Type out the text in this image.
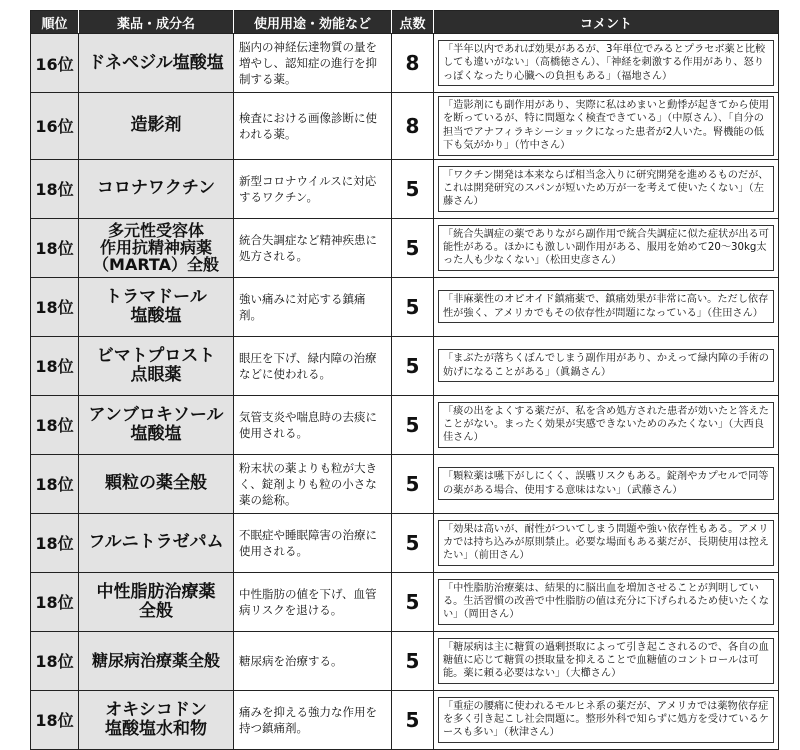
順位	薬品・成分名	使用用途・効能など	点数	コメント
16位	ドネペジル塩酸塩	脳内の神経伝達物質の量を増やし、認知症の進行を抑制する薬。	8	「半年以内であれば効果があるが、3年単位でみるとプラセボ薬と比較しても違いがない」（高橋徳さん）、「神経を刺激する作用があり、怒りっぽくなったり心臓への負担もある」（福地さん）

16位	造影剤	検査における画像診断に使われる薬。	8	「造影剤にも副作用があり、実際に私はめまいと動悸が起きてから使用を断っているが、特に問題なく検査できている」（中原さん）、「自分の担当でアナフィラキシーショックになった患者が2人いた。腎機能の低下も気がかり」（竹中さん）

18位	コロナワクチン	新型コロナウイルスに対応するワクチン。	5	「ワクチン開発は本来ならば相当念入りに研究開発を進めるものだが、これは開発研究のスパンが短いため万が一を考えて使いたくない」（左藤さん）

18位	多元性受容体
作用抗精神病薬
（MARTA）全般	統合失調症など精神疾患に処方される。	5	「統合失調症の薬でありながら副作用で統合失調症に似た症状が出る可能性がある。ほかにも激しい副作用がある、服用を始めて20～30kg太った人も少なくない」（松田史彦さん）

18位	トラマドール
塩酸塩	強い痛みに対応する鎮痛剤。	5	「非麻薬性のオピオイド鎮痛薬で、鎮痛効果が非常に高い。ただし依存性が強く、アメリカでもその依存性が問題になっている」（住田さん）

18位	ビマトプロスト
点眼薬	眼圧を下げ、緑内障の治療などに使われる。	5	「まぶたが落ちくぼんでしまう副作用があり、かえって緑内障の手術の妨げになることがある」（眞鍋さん）

18位	アンブロキソール
塩酸塩	気管支炎や喘息時の去痰に使用される。	5	「痰の出をよくする薬だが、私を含め処方された患者が効いたと答えたことがない。まったく効果が実感できないためのみたくない」（大西良佳さん）

18位	顆粒の薬全般	粉末状の薬よりも粒が大きく、錠剤よりも粒の小さな薬の総称。	5	「顆粒薬は嚥下がしにくく、誤嚥リスクもある。錠剤やカプセルで同等の薬がある場合、使用する意味はない」（武藤さん）

18位	フルニトラゼパム	不眠症や睡眠障害の治療に使用される。	5	「効果は高いが、耐性がついてしまう問題や強い依存性もある。アメリカでは持ち込みが原則禁止。必要な場面もある薬だが、長期使用は控えたい」（前田さん）

18位	中性脂肪治療薬
全般	中性脂肪の値を下げ、血管病リスクを退ける。	5	「中性脂肪治療薬は、結果的に脳出血を増加させることが判明している。生活習慣の改善で中性脂肪の値は充分に下げられるため使いたくない」（岡田さん）

18位	糖尿病治療薬全般	糖尿病を治療する。	5	「糖尿病は主に糖質の過剰摂取によって引き起こされるので、各自の血糖値に応じて糖質の摂取量を抑えることで血糖値のコントロールは可能。薬に頼る必要はない」（大櫛さん）

18位	オキシコドン
塩酸塩水和物	痛みを抑える強力な作用を持つ鎮痛剤。	5	「重症の腰痛に使われるモルヒネ系の薬だが、アメリカでは薬物依存症を多く引き起こし社会問題に。整形外科で知らずに処方を受けているケースも多い」（秋津さん）
